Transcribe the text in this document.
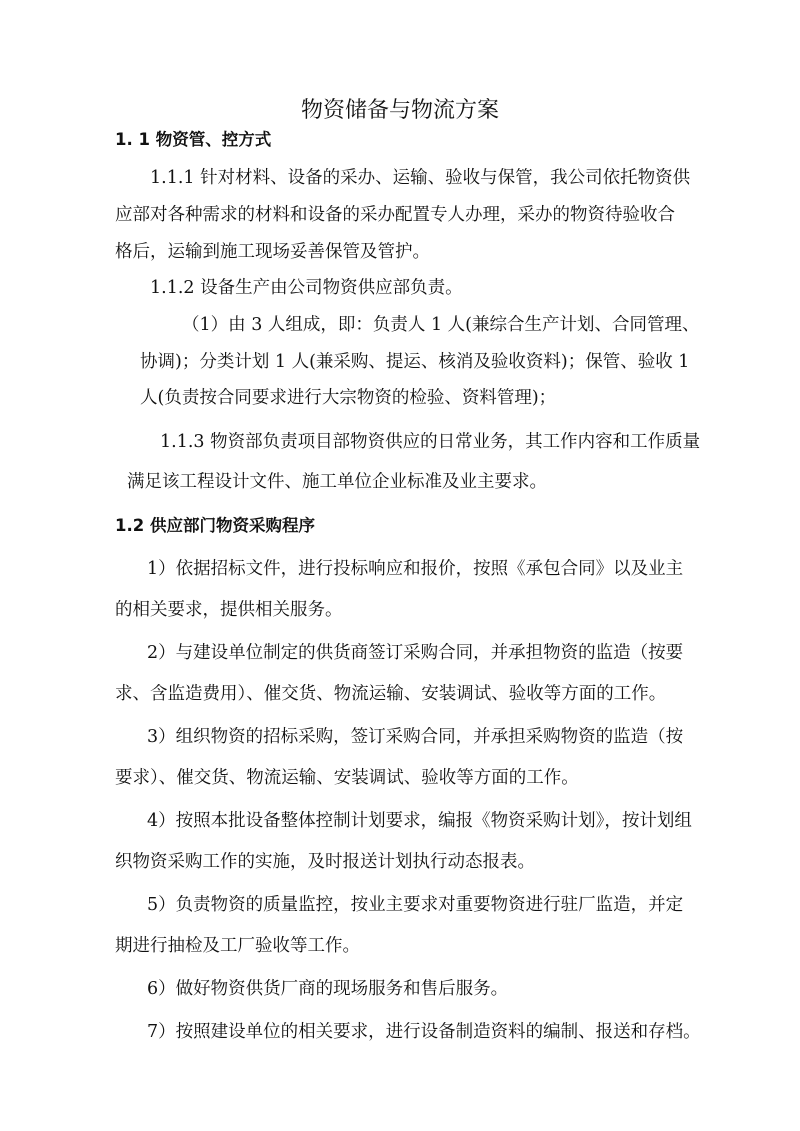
物资储备与物流方案
1. 1 物资管、控方式
1.1.1 针对材料、设备的采办、运输、验收与保管，我公司依托物资供
应部对各种需求的材料和设备的采办配置专人办理，采办的物资待验收合
格后，运输到施工现场妥善保管及管护。
1.1.2 设备生产由公司物资供应部负责。
（1）由 3 人组成，即：负责人 1 人(兼综合生产计划、合同管理、
协调)；分类计划 1 人(兼采购、提运、核消及验收资料)；保管、验收 1
人(负责按合同要求进行大宗物资的检验、资料管理)；
1.1.3 物资部负责项目部物资供应的日常业务，其工作内容和工作质量
满足该工程设计文件、施工单位企业标准及业主要求。
1.2 供应部门物资采购程序
1）依据招标文件，进行投标响应和报价，按照《承包合同》以及业主
的相关要求，提供相关服务。
2）与建设单位制定的供货商签订采购合同，并承担物资的监造（按要
求、含监造费用）、催交货、物流运输、安装调试、验收等方面的工作。
3）组织物资的招标采购，签订采购合同，并承担采购物资的监造（按
要求）、催交货、物流运输、安装调试、验收等方面的工作。
4）按照本批设备整体控制计划要求，编报《物资采购计划》，按计划组
织物资采购工作的实施，及时报送计划执行动态报表。
5）负责物资的质量监控，按业主要求对重要物资进行驻厂监造，并定
期进行抽检及工厂验收等工作。
6）做好物资供货厂商的现场服务和售后服务。
7）按照建设单位的相关要求，进行设备制造资料的编制、报送和存档。
